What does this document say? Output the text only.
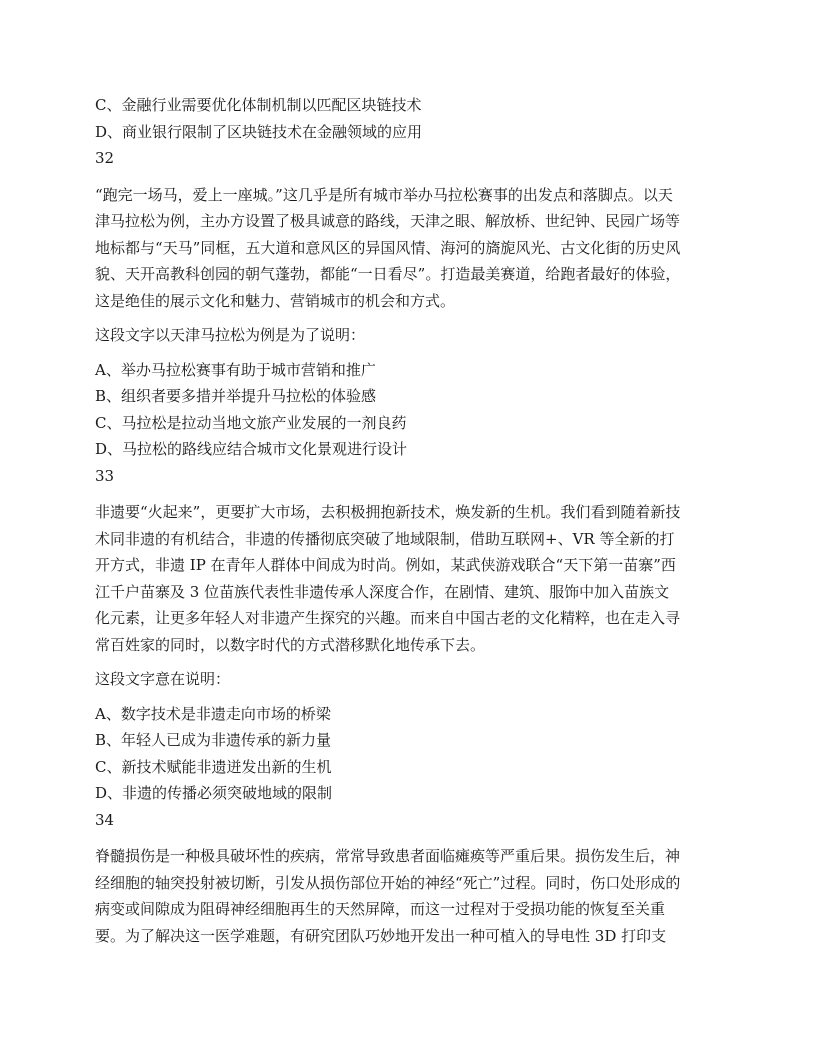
C、金融行业需要优化体制机制以匹配区块链技术
D、商业银行限制了区块链技术在金融领域的应用
32
“跑完一场马，爱上一座城。”这几乎是所有城市举办马拉松赛事的出发点和落脚点。以天
津马拉松为例，主办方设置了极具诚意的路线，天津之眼、解放桥、世纪钟、民园广场等
地标都与“天马”同框，五大道和意风区的异国风情、海河的旖旎风光、古文化街的历史风
貌、天开高教科创园的朝气蓬勃，都能“一日看尽”。打造最美赛道，给跑者最好的体验，
这是绝佳的展示文化和魅力、营销城市的机会和方式。
这段文字以天津马拉松为例是为了说明：
A、举办马拉松赛事有助于城市营销和推广
B、组织者要多措并举提升马拉松的体验感
C、马拉松是拉动当地文旅产业发展的一剂良药
D、马拉松的路线应结合城市文化景观进行设计
33
非遗要“火起来”，更要扩大市场，去积极拥抱新技术，焕发新的生机。我们看到随着新技
术同非遗的有机结合，非遗的传播彻底突破了地域限制，借助互联网+、VR 等全新的打
开方式，非遗 IP 在青年人群体中间成为时尚。例如，某武侠游戏联合“天下第一苗寨”西
江千户苗寨及 3 位苗族代表性非遗传承人深度合作，在剧情、建筑、服饰中加入苗族文
化元素，让更多年轻人对非遗产生探究的兴趣。而来自中国古老的文化精粹，也在走入寻
常百姓家的同时，以数字时代的方式潜移默化地传承下去。
这段文字意在说明：
A、数字技术是非遗走向市场的桥梁
B、年轻人已成为非遗传承的新力量
C、新技术赋能非遗迸发出新的生机
D、非遗的传播必须突破地域的限制
34
脊髓损伤是一种极具破坏性的疾病，常常导致患者面临瘫痪等严重后果。损伤发生后，神
经细胞的轴突投射被切断，引发从损伤部位开始的神经“死亡”过程。同时，伤口处形成的
病变或间隙成为阻碍神经细胞再生的天然屏障，而这一过程对于受损功能的恢复至关重
要。为了解决这一医学难题，有研究团队巧妙地开发出一种可植入的导电性 3D 打印支
